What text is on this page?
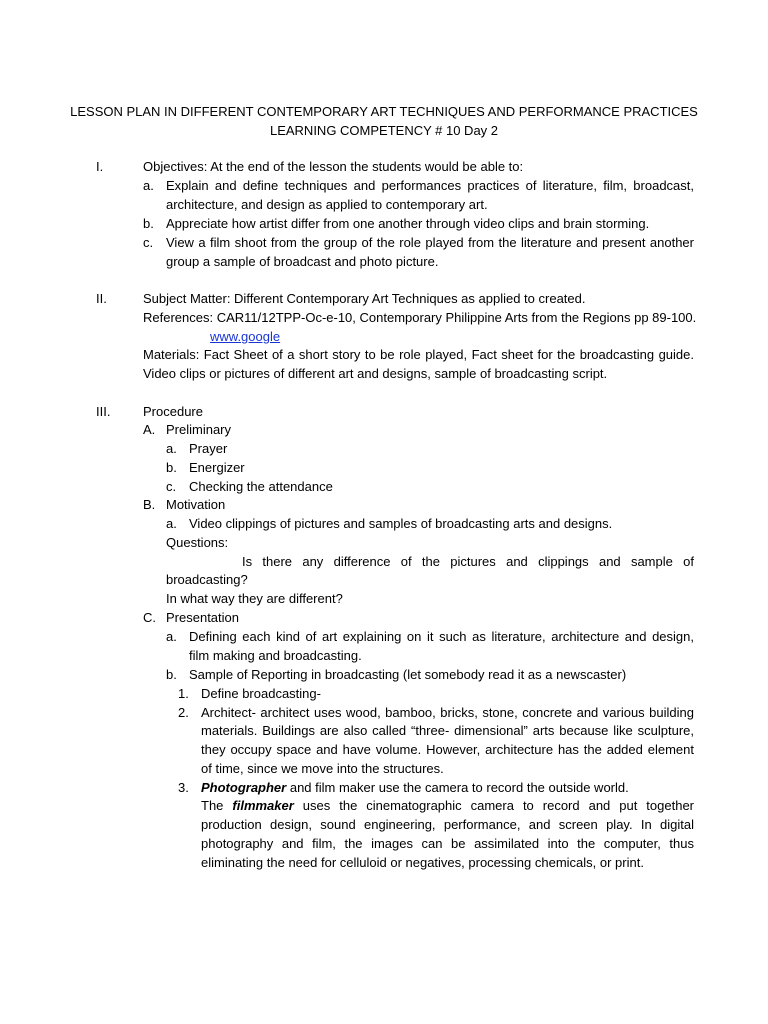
LESSON PLAN IN DIFFERENT CONTEMPORARY ART TECHNIQUES AND PERFORMANCE PRACTICES
LEARNING COMPETENCY # 10 Day 2
I.	Objectives: At the end of the lesson the students would be able to:
a. Explain and define techniques and performances practices of literature, film, broadcast,
architecture, and design as applied to contemporary art.
b. Appreciate how artist differ from one another through video clips and brain storming.
c. View a film shoot from the group of the role played from the literature and present another
group a sample of broadcast and photo picture.
II.	Subject Matter: Different Contemporary Art Techniques as applied to created.
References: CAR11/12TPP-Oc-e-10, Contemporary Philippine Arts from the Regions pp 89-100.
www.google
Materials: Fact Sheet of a short story to be role played, Fact sheet for the broadcasting guide.
Video clips or pictures of different art and designs, sample of broadcasting script.
III.	Procedure
A. Preliminary
a. Prayer
b. Energizer
c. Checking the attendance
B. Motivation
a. Video clippings of pictures and samples of broadcasting arts and designs.
Questions:
Is there any difference of the pictures and clippings and sample of
broadcasting?
In what way they are different?
C. Presentation
a. Defining each kind of art explaining on it such as literature, architecture and design,
film making and broadcasting.
b. Sample of Reporting in broadcasting (let somebody read it as a newscaster)
1. Define broadcasting-
2. Architect- architect uses wood, bamboo, bricks, stone, concrete and various building
materials. Buildings are also called “three- dimensional” arts because like sculpture,
they occupy space and have volume. However, architecture has the added element
of time, since we move into the structures.
3. Photographer and film maker use the camera to record the outside world.
The filmmaker uses the cinematographic camera to record and put together
production design, sound engineering, performance, and screen play. In digital
photography and film, the images can be assimilated into the computer, thus
eliminating the need for celluloid or negatives, processing chemicals, or print.
